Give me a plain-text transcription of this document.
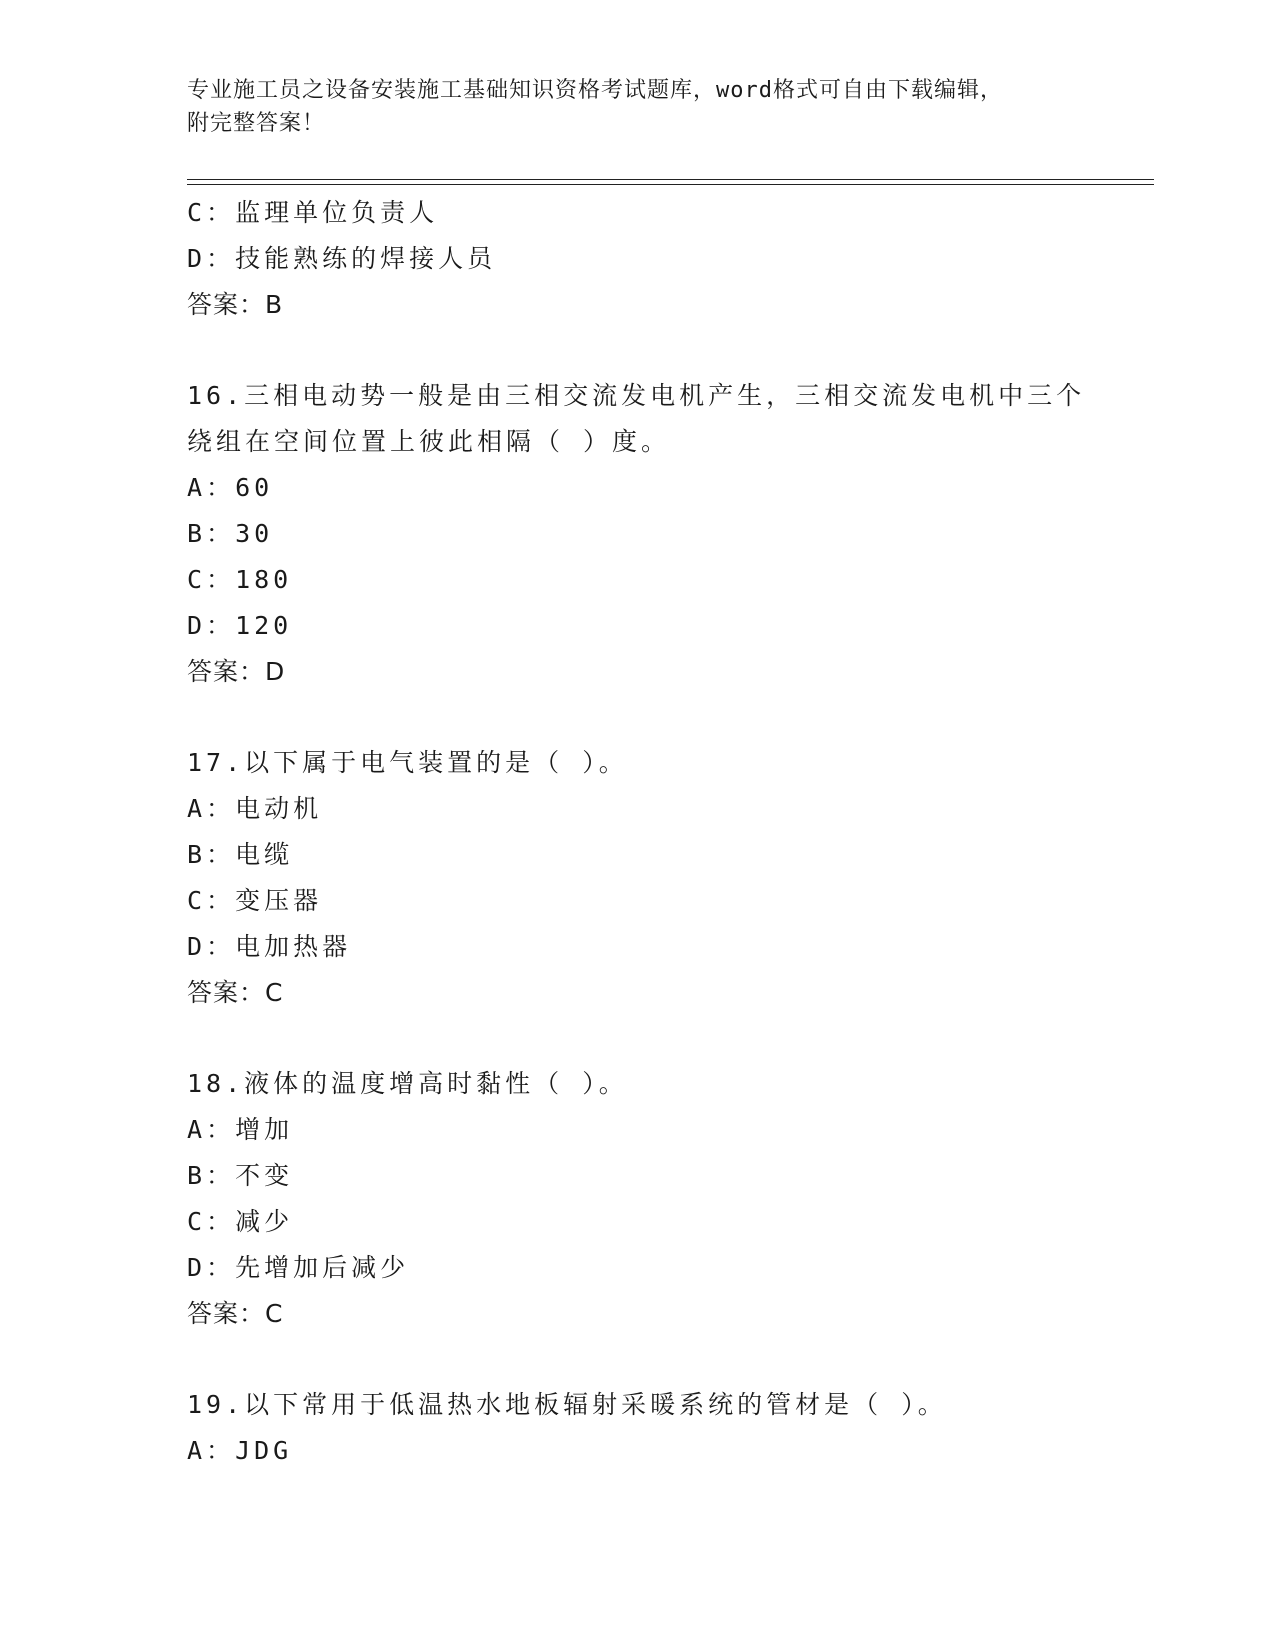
专业施工员之设备安装施工基础知识资格考试题库，word格式可自由下载编辑，
附完整答案！
C：监理单位负责人
D：技能熟练的焊接人员
答案：B
16.三相电动势一般是由三相交流发电机产生，三相交流发电机中三个
绕组在空间位置上彼此相隔（ ）度。
A：60
B：30
C：180
D：120
答案：D
17.以下属于电气装置的是（ ）。
A：电动机
B：电缆
C：变压器
D：电加热器
答案：C
18.液体的温度增高时黏性（ ）。
A：增加
B：不变
C：减少
D：先增加后减少
答案：C
19.以下常用于低温热水地板辐射采暖系统的管材是（ ）。
A：JDG
